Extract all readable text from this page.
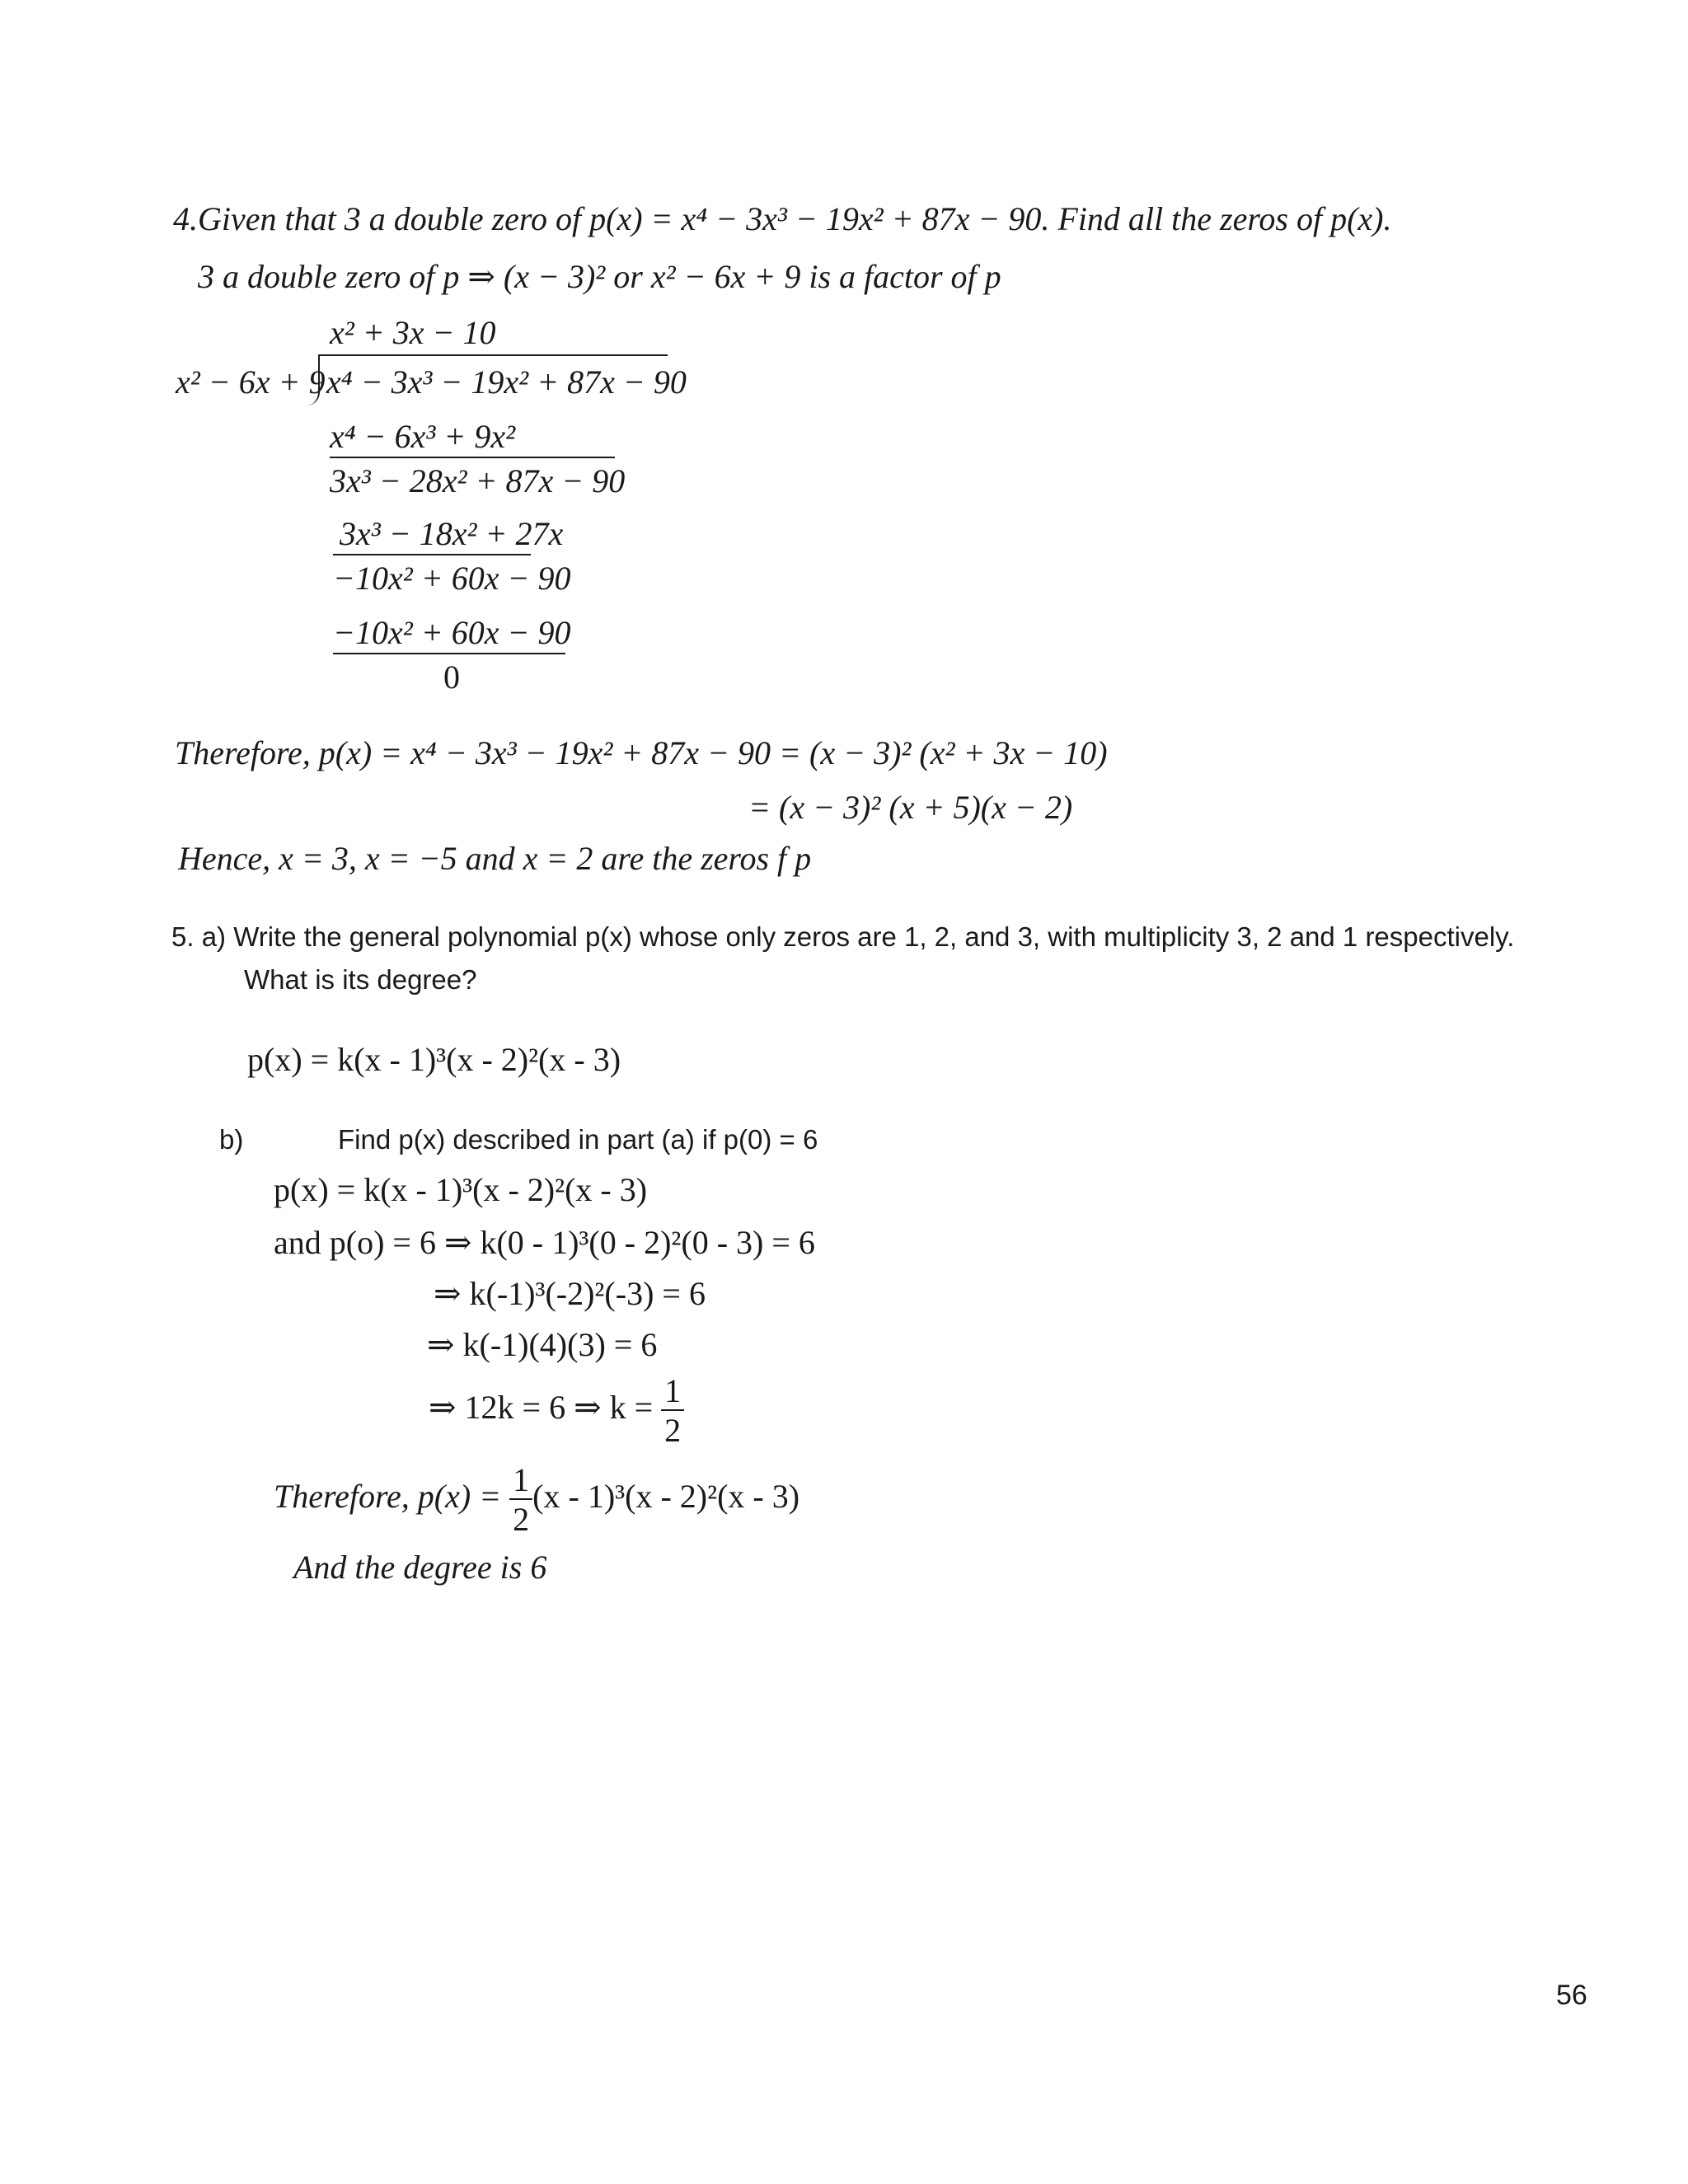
4.Given that 3 a double zero of p(x) = x⁴ − 3x³ − 19x² + 87x − 90. Find all the zeros of p(x).
3 a double zero of p ⇒ (x − 3)² or x² − 6x + 9 is a factor of p
x² + 3x − 10
x² − 6x + 9 x⁴ − 3x³ − 19x² + 87x − 90
x⁴ − 6x³ + 9x²
3x³ − 28x² + 87x − 90
3x³ − 18x² + 27x
−10x² + 60x − 90
−10x² + 60x − 90
0
Therefore, p(x) = x⁴ − 3x³ − 19x² + 87x − 90 = (x − 3)² (x² + 3x − 10)
= (x − 3)² (x + 5)(x − 2)
Hence, x = 3, x = −5 and x = 2 are the zeros f p
5. a) Write the general polynomial p(x) whose only zeros are 1, 2, and 3, with multiplicity 3, 2 and 1 respectively.
What is its degree?
p(x) = k(x - 1)³(x - 2)²(x - 3)
b)	Find p(x) described in part (a) if p(0) = 6
p(x) = k(x - 1)³(x - 2)²(x - 3)
and p(o) = 6 ⇒ k(0 - 1)³(0 - 2)²(0 - 3) = 6
⇒ k(-1)³(-2)²(-3) = 6
⇒ k(-1)(4)(3) = 6
⇒ 12k = 6 ⇒ $k = \frac{1}{2}$
Therefore, $p(x) = \frac{1}{2} (x - 1)^3(x - 2)^2(x - 3)$
And the degree is 6
56
